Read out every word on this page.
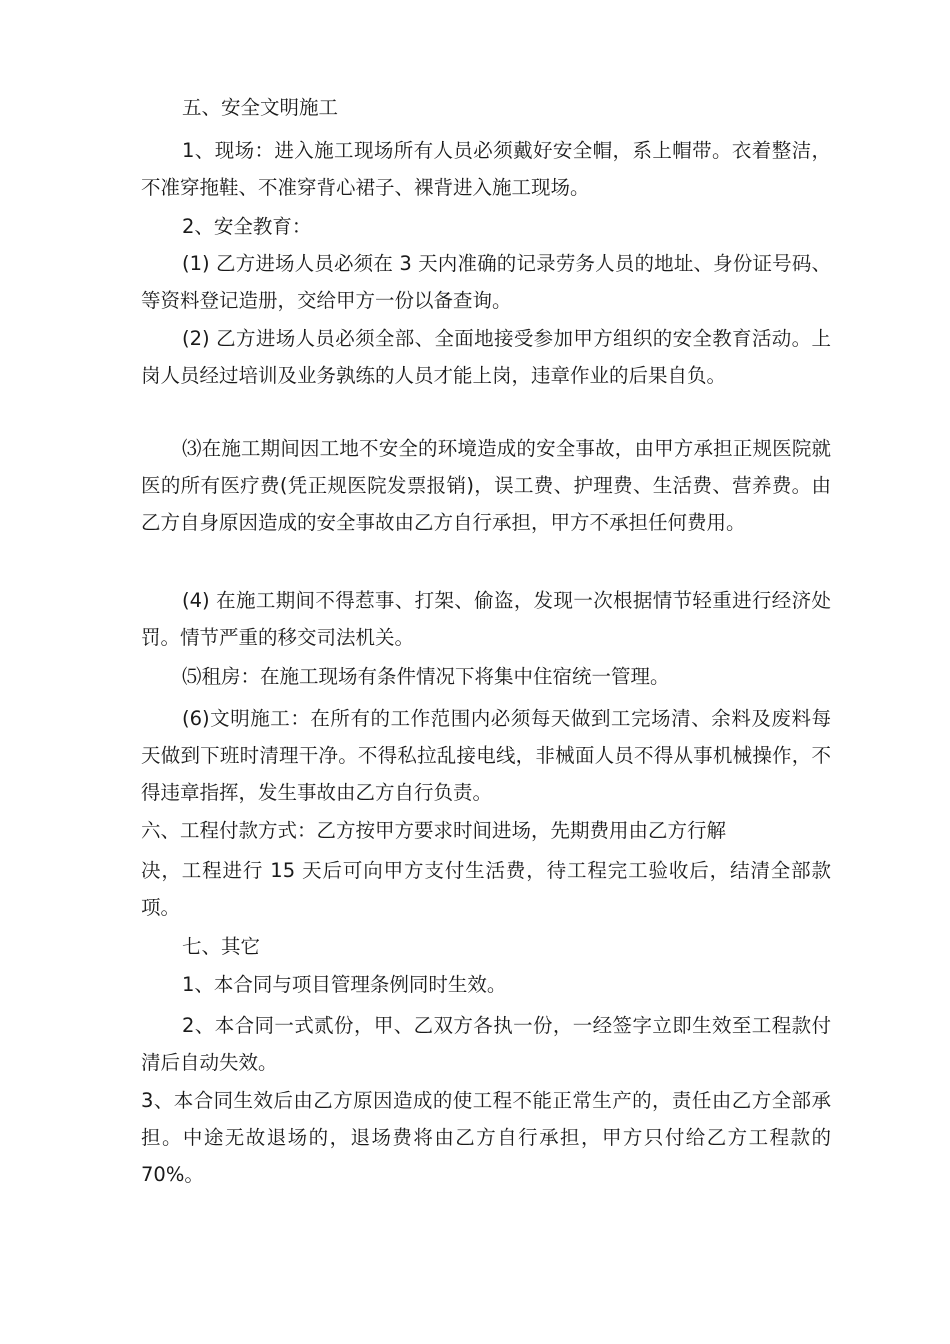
五、安全文明施工

1、现场：进入施工现场所有人员必须戴好安全帽，系上帽带。衣着整洁，不准穿拖鞋、不准穿背心裙子、裸背进入施工现场。

2、安全教育：

(1) 乙方进场人员必须在 3 天内准确的记录劳务人员的地址、身份证号码、等资料登记造册，交给甲方一份以备查询。

(2) 乙方进场人员必须全部、全面地接受参加甲方组织的安全教育活动。上岗人员经过培训及业务孰练的人员才能上岗，违章作业的后果自负。

⑶在施工期间因工地不安全的环境造成的安全事故，由甲方承担正规医院就医的所有医疗费(凭正规医院发票报销)，误工费、护理费、生活费、营养费。由乙方自身原因造成的安全事故由乙方自行承担，甲方不承担任何费用。

(4) 在施工期间不得惹事、打架、偷盗，发现一次根据情节轻重进行经济处罚。情节严重的移交司法机关。

⑸租房：在施工现场有条件情况下将集中住宿统一管理。

(6)文明施工：在所有的工作范围内必须每天做到工完场清、余料及废料每天做到下班时清理干净。不得私拉乱接电线，非械面人员不得从事机械操作，不得违章指挥，发生事故由乙方自行负责。

六、工程付款方式：乙方按甲方要求时间进场，先期费用由乙方行解

决，工程进行 15 天后可向甲方支付生活费，待工程完工验收后，结清全部款项。

七、其它

1、本合同与项目管理条例同时生效。

2、本合同一式贰份，甲、乙双方各执一份，一经签字立即生效至工程款付清后自动失效。

3、本合同生效后由乙方原因造成的使工程不能正常生产的，责任由乙方全部承担。中途无故退场的，退场费将由乙方自行承担，甲方只付给乙方工程款的 70%。
